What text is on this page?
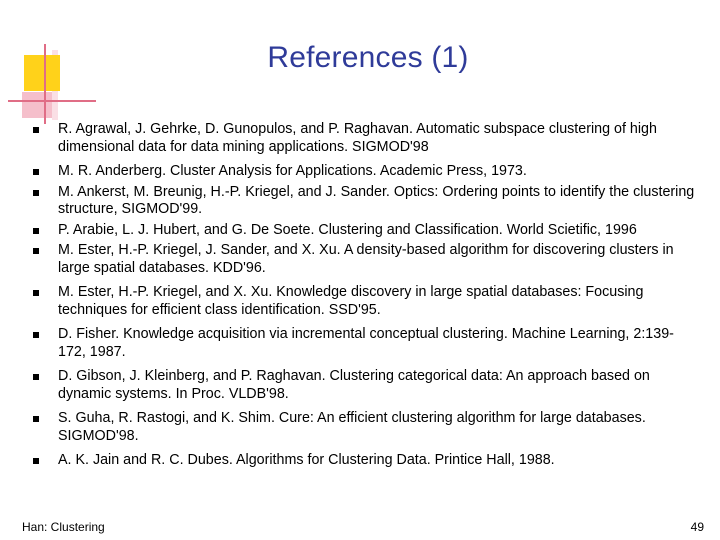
References (1)
R. Agrawal, J. Gehrke, D. Gunopulos, and P. Raghavan. Automatic subspace clustering of high dimensional data for data mining applications. SIGMOD'98
M. R. Anderberg. Cluster Analysis for Applications. Academic Press, 1973.
M. Ankerst, M. Breunig, H.-P. Kriegel, and J. Sander. Optics: Ordering points to identify the clustering structure, SIGMOD'99.
P. Arabie, L. J. Hubert, and G. De Soete. Clustering and Classification. World Scietific, 1996
M. Ester, H.-P. Kriegel, J. Sander, and X. Xu. A density-based algorithm for discovering clusters in large spatial databases. KDD'96.
M. Ester, H.-P. Kriegel, and X. Xu. Knowledge discovery in large spatial databases: Focusing techniques for efficient class identification. SSD'95.
D. Fisher. Knowledge acquisition via incremental conceptual clustering. Machine Learning, 2:139-172, 1987.
D. Gibson, J. Kleinberg, and P. Raghavan. Clustering categorical data: An approach based on dynamic systems. In Proc. VLDB'98.
S. Guha, R. Rastogi, and K. Shim. Cure: An efficient clustering algorithm for large databases. SIGMOD'98.
A. K. Jain and R. C. Dubes. Algorithms for Clustering Data. Printice Hall, 1988.
Han: Clustering	49
